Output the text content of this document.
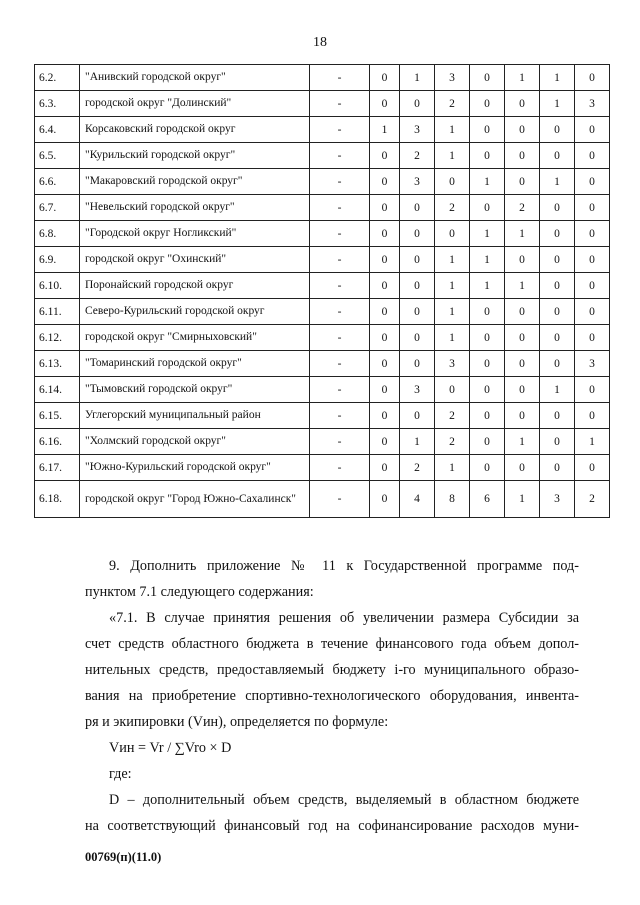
18
6.2.	"Анивский городской округ"	-	0	1	3	0	1	1	0
6.3.	городской округ "Долинский"	-	0	0	2	0	0	1	3
6.4.	Корсаковский городской округ	-	1	3	1	0	0	0	0
6.5.	"Курильский городской округ"	-	0	2	1	0	0	0	0
6.6.	"Макаровский городской округ"	-	0	3	0	1	0	1	0
6.7.	"Невельский городской округ"	-	0	0	2	0	2	0	0
6.8.	"Городской округ Ногликский"	-	0	0	0	1	1	0	0
6.9.	городской округ "Охинский"	-	0	0	1	1	0	0	0
6.10.	Поронайский городской округ	-	0	0	1	1	1	0	0
6.11.	Северо-Курильский городской округ	-	0	0	1	0	0	0	0
6.12.	городской округ "Смирныховский"	-	0	0	1	0	0	0	0
6.13.	"Томаринский городской округ"	-	0	0	3	0	0	0	3
6.14.	"Тымовский городской округ"	-	0	3	0	0	0	1	0
6.15.	Углегорский муниципальный район	-	0	0	2	0	0	0	0
6.16.	"Холмский городской округ"	-	0	1	2	0	1	0	1
6.17.	"Южно-Курильский городской округ"	-	0	2	1	0	0	0	0
6.18.	городской округ "Город Южно-Сахалинск"	-	0	4	8	6	1	3	2
9. Дополнить приложение № 11 к Государственной программе под-
пунктом 7.1 следующего содержания:
«7.1. В случае принятия решения об увеличении размера Субсидии за
счет средств областного бюджета в течение финансового года объем допол-
нительных средств, предоставляемый бюджету i-го муниципального образо-
вания на приобретение спортивно-технологического оборудования, инвента-
ря и экипировки (Vин), определяется по формуле:
Vин = Vr / ∑Vro × D
где:
D – дополнительный объем средств, выделяемый в областном бюджете
на соответствующий финансовый год на софинансирование расходов муни-
00769(п)(11.0)
